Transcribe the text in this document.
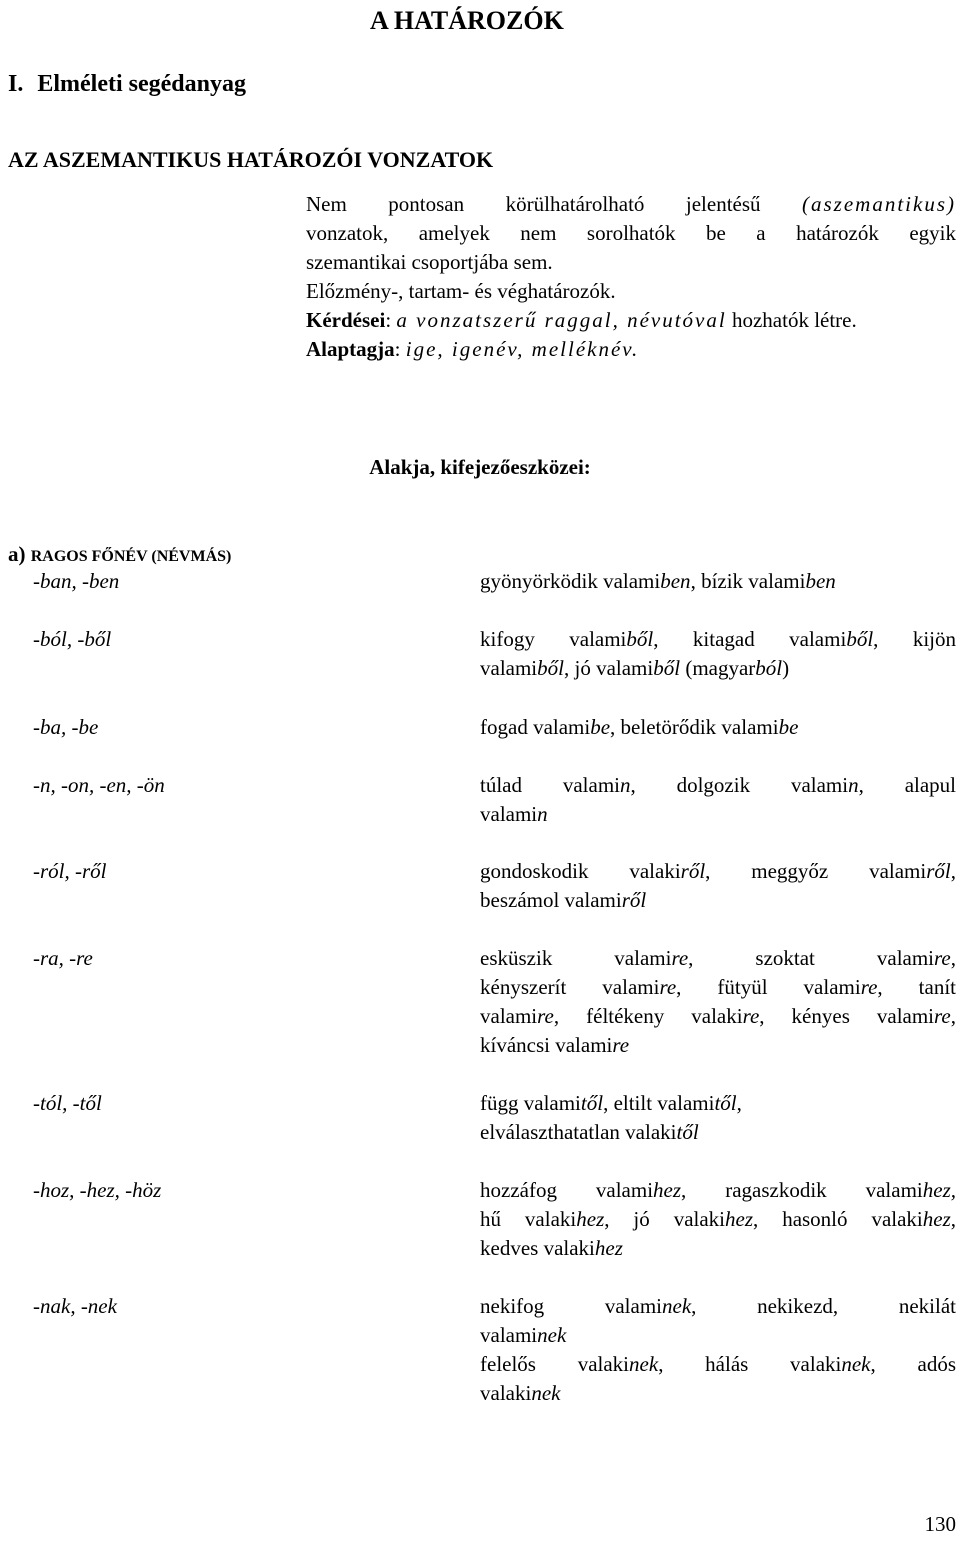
A HATÁROZÓK
I. Elméleti segédanyag
AZ ASZEMANTIKUS HATÁROZÓI VONZATOK
Nem pontosan körülhatárolható jelentésű (aszemantikus)
vonzatok, amelyek nem sorolhatók be a határozók egyik
szemantikai csoportjába sem.
Előzmény-, tartam- és véghatározók.
Kérdései: a vonzatszerű raggal, névutóval hozhatók létre.
Alaptagja: ige, igenév, melléknév.
Alakja, kifejezőeszközei:
a) RAGOS FŐNÉV (NÉVMÁS)
-ban, -ben	gyönyörködik valamiben, bízik valamiben
-ból, -ből	kifogy valamiből, kitagad valamiből, kijön
valamiből, jó valamiből (magyarból)
-ba, -be	fogad valamibe, beletörődik valamibe
-n, -on, -en, -ön	túlad valamin, dolgozik valamin, alapul
valamin
-ról, -ről	gondoskodik valakiről, meggyőz valamiről,
beszámol valamiről
-ra, -re	esküszik valamire, szoktat valamire,
kényszerít valamire, fütyül valamire, tanít
valamire, féltékeny valakire, kényes valamire,
kíváncsi valamire
-tól, -től	függ valamitől, eltilt valamitől,
elválaszthatatlan valakitől
-hoz, -hez, -höz	hozzáfog valamihez, ragaszkodik valamihez,
hű valakihez, jó valakihez, hasonló valakihez,
kedves valakihez
-nak, -nek	nekifog valaminek, nekikezd, nekilát
valaminek
felelős valakinek, hálás valakinek, adós
valakinek
130
